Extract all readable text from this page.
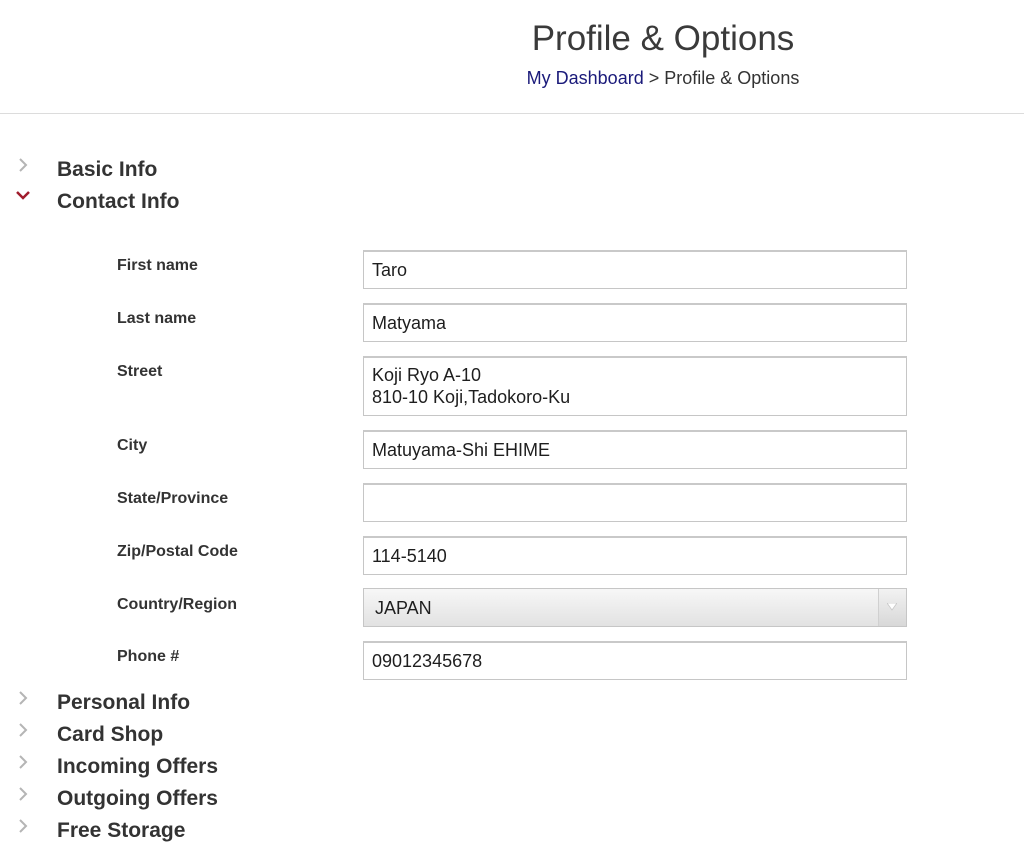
Profile & Options
My Dashboard > Profile & Options
Basic Info
Contact Info
First name
Taro
Last name
Matyama
Street
Koji Ryo A-10 810-10 Koji,Tadokoro-Ku
City
Matuyama-Shi EHIME
State/Province
Zip/Postal Code
114-5140
Country/Region	JAPAN
Phone #
09012345678
Personal Info
Card Shop
Incoming Offers
Outgoing Offers
Free Storage
